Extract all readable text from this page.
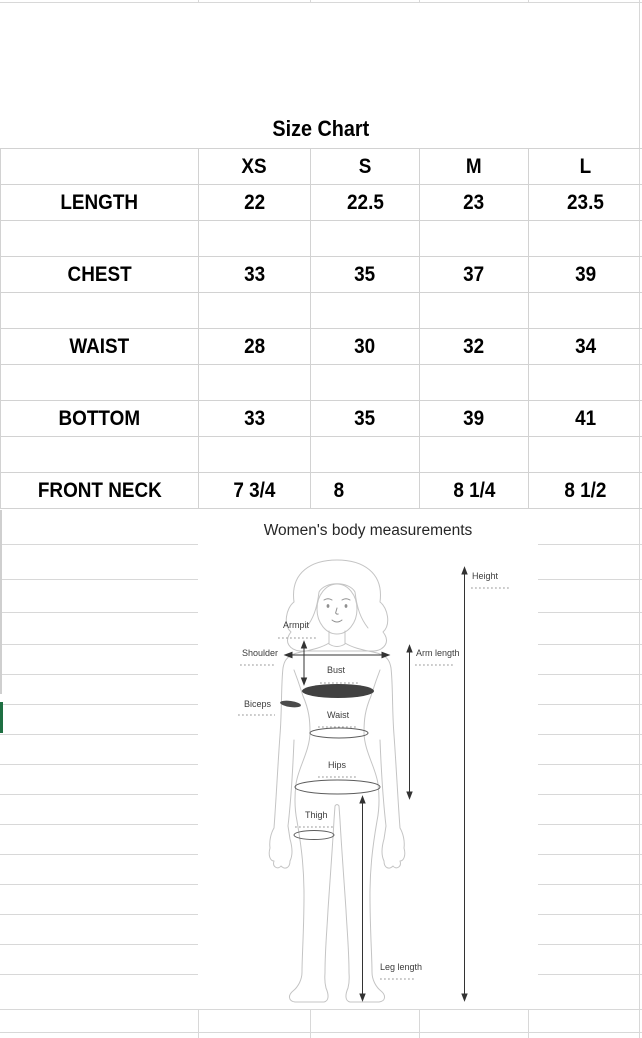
Size Chart
	XS	S	M	L
LENGTH	22	22.5	23	23.5

CHEST	33	35	37	39

WAIST	28	30	32	34

BOTTOM	33	35	39	41

FRONT NECK	7 3/4	8	8 1/4	8 1/2
Women's body measurements
Armpit
Shoulder
Bust
Arm length
Height
Biceps
Waist
Hips
Thigh
Leg length
